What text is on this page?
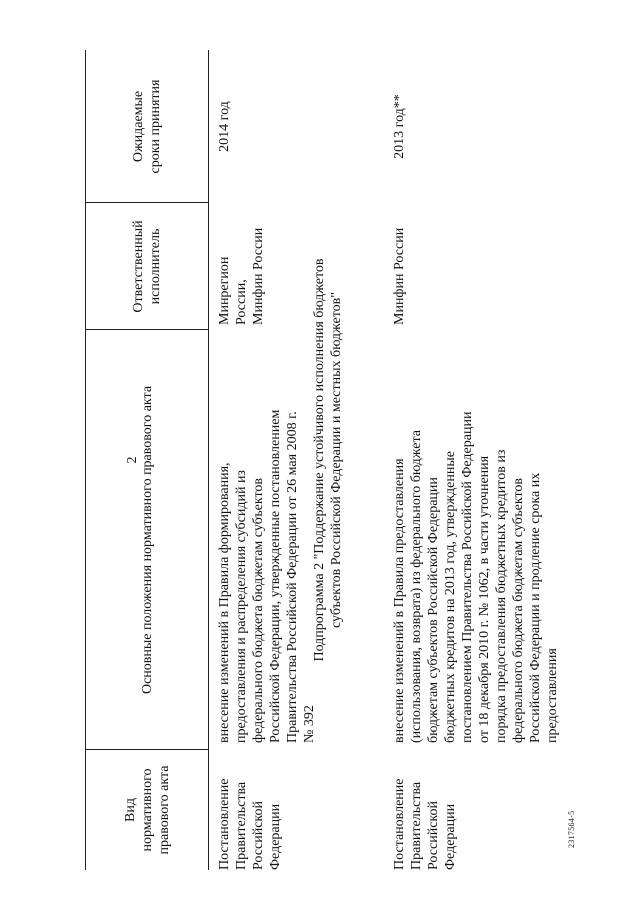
2
Вид нормативного правового акта
Основные положения нормативного правового акта
Ответственный исполнитель
Ожидаемые сроки принятия
Постановление Правительства Российской Федерации
внесение изменений в Правила формирования, предоставления и распределения субсидий из федерального бюджета бюджетам субъектов Российской Федерации, утвержденные постановлением Правительства Российской Федерации от 26 мая 2008 г. № 392
Минрегион России, Минфин России
2014 год
Подпрограмма 2 "Поддержание устойчивого исполнения бюджетов субъектов Российской Федерации и местных бюджетов"
Постановление Правительства Российской Федерации
внесение изменений в Правила предоставления (использования, возврата) из федерального бюджета бюджетам субъектов Российской Федерации бюджетных кредитов на 2013 год, утвержденные постановлением Правительства Российской Федерации от 18 декабря 2010 г. № 1062, в части уточнения порядка предоставления бюджетных кредитов из федерального бюджета бюджетам субъектов Российской Федерации и продление срока их предоставления
Минфин России
2013 год**
2317564-5
